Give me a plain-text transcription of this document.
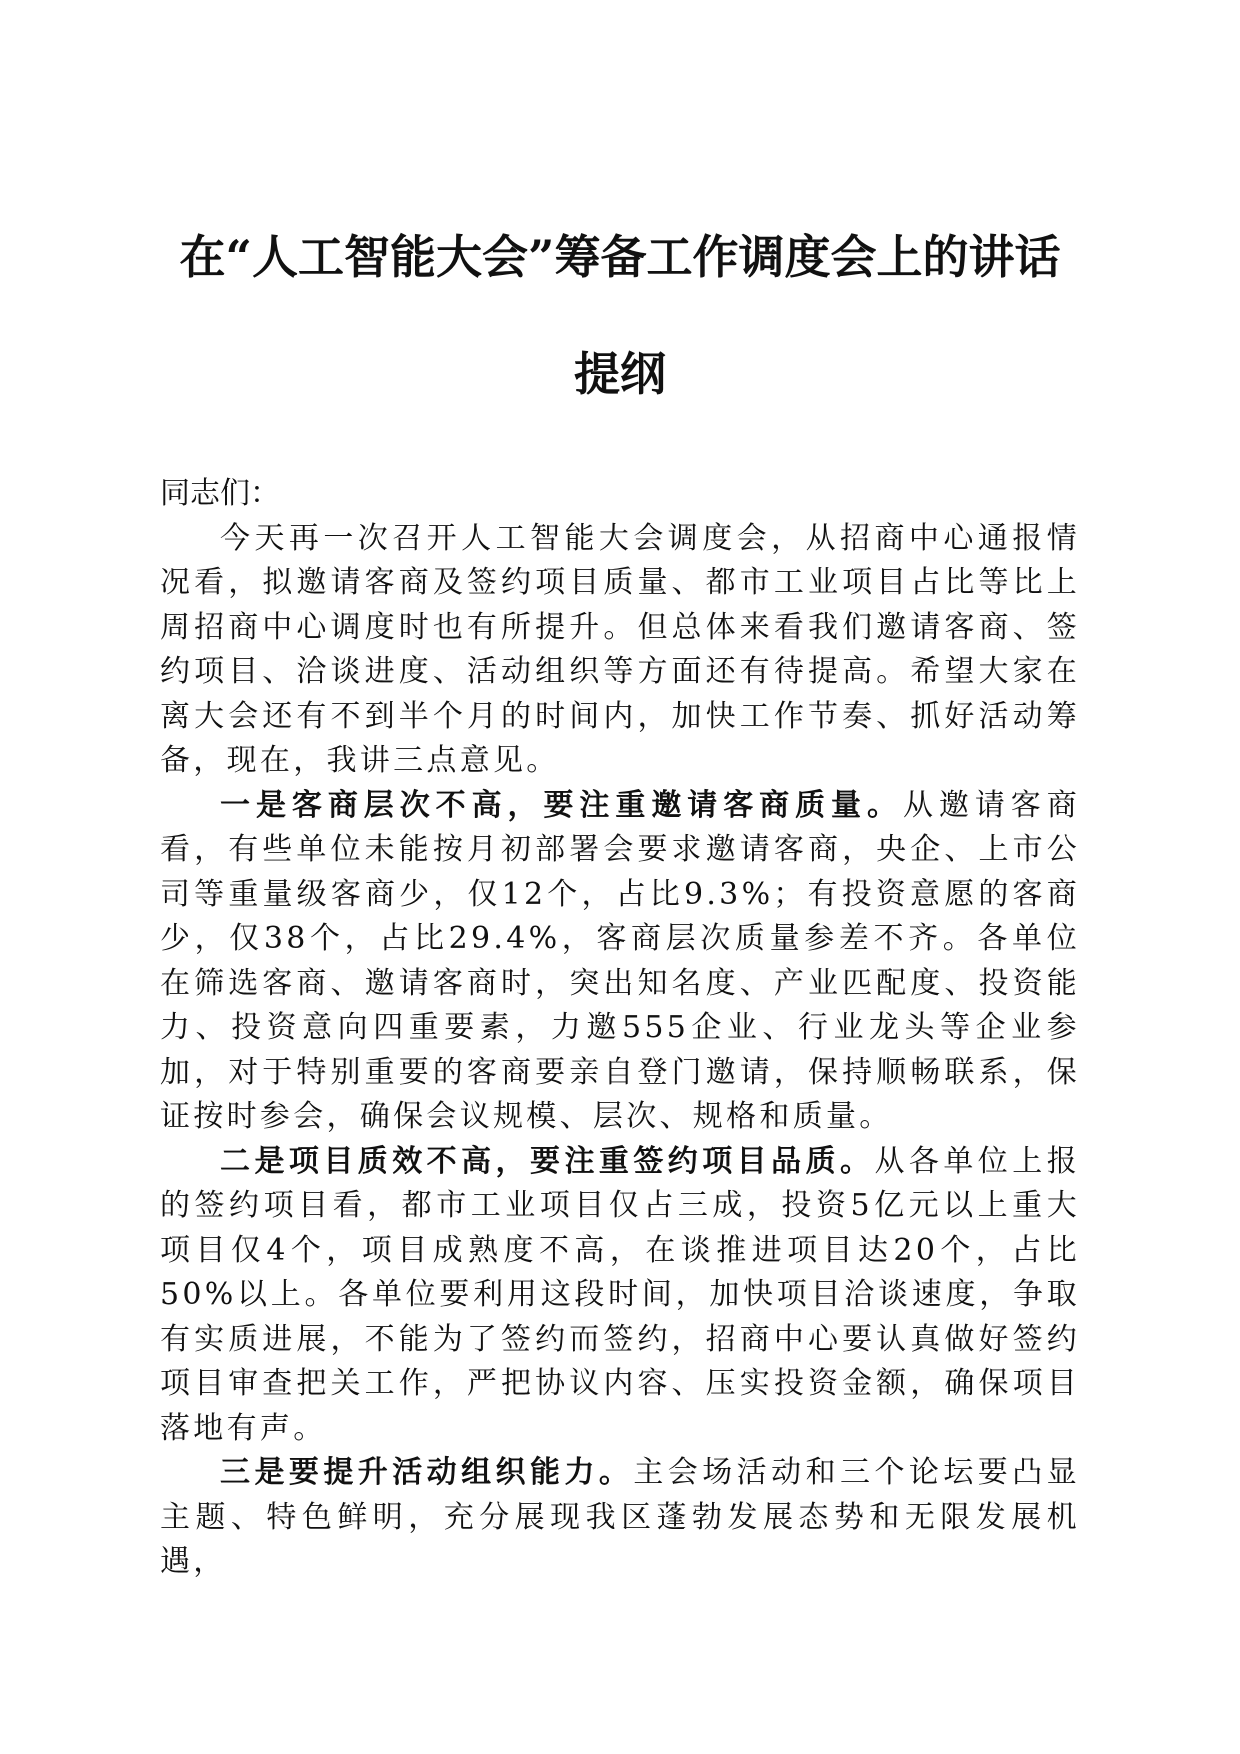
在“人工智能大会”筹备工作调度会上的讲话
提纲

同志们：

今天再一次召开人工智能大会调度会，从招商中心通报情况看，拟邀请客商及签约项目质量、都市工业项目占比等比上周招商中心调度时也有所提升。但总体来看我们邀请客商、签约项目、洽谈进度、活动组织等方面还有待提高。希望大家在离大会还有不到半个月的时间内，加快工作节奏、抓好活动筹备，现在，我讲三点意见。

一是客商层次不高，要注重邀请客商质量。从邀请客商看，有些单位未能按月初部署会要求邀请客商，央企、上市公司等重量级客商少，仅12个，占比9.3%；有投资意愿的客商少，仅38个，占比29.4%，客商层次质量参差不齐。各单位在筛选客商、邀请客商时，突出知名度、产业匹配度、投资能力、投资意向四重要素，力邀555企业、行业龙头等企业参加，对于特别重要的客商要亲自登门邀请，保持顺畅联系，保证按时参会，确保会议规模、层次、规格和质量。

二是项目质效不高，要注重签约项目品质。从各单位上报的签约项目看，都市工业项目仅占三成，投资5亿元以上重大项目仅4个，项目成熟度不高，在谈推进项目达20个，占比50%以上。各单位要利用这段时间，加快项目洽谈速度，争取有实质进展，不能为了签约而签约，招商中心要认真做好签约项目审查把关工作，严把协议内容、压实投资金额，确保项目落地有声。

三是要提升活动组织能力。主会场活动和三个论坛要凸显主题、特色鲜明，充分展现我区蓬勃发展态势和无限发展机遇，
